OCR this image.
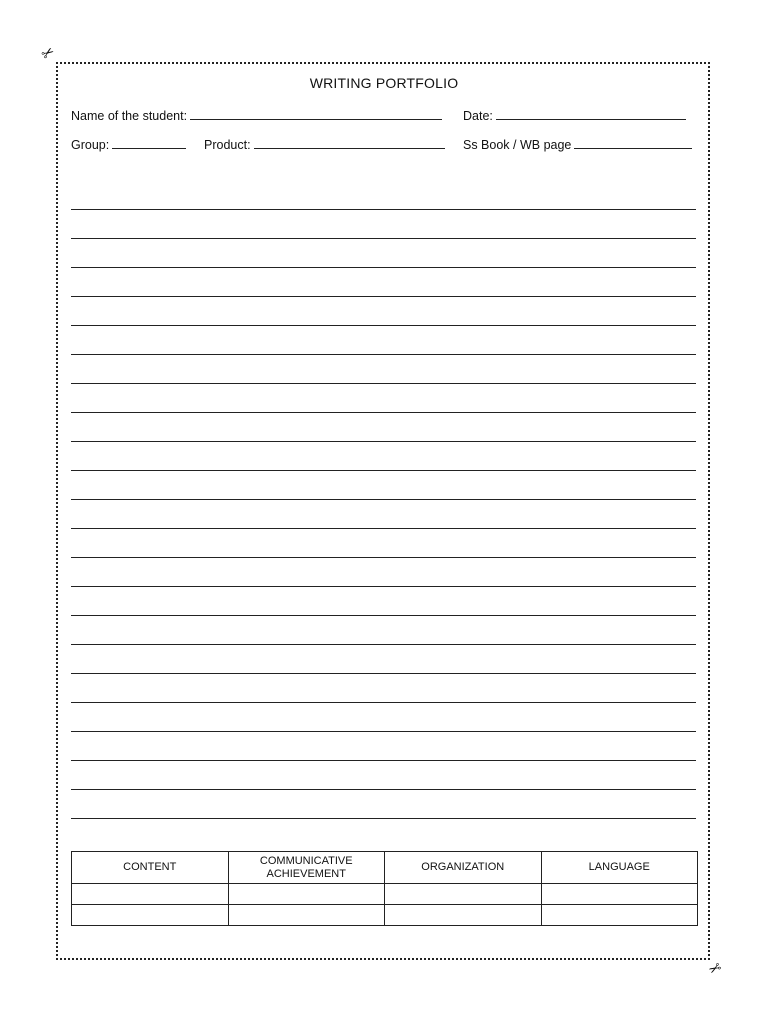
✂
✂
WRITING PORTFOLIO
Name of the student:	Date:
Group:	Product:	Ss Book / WB page
CONTENT	COMMUNICATIVE ACHIEVEMENT	ORGANIZATION	LANGUAGE
